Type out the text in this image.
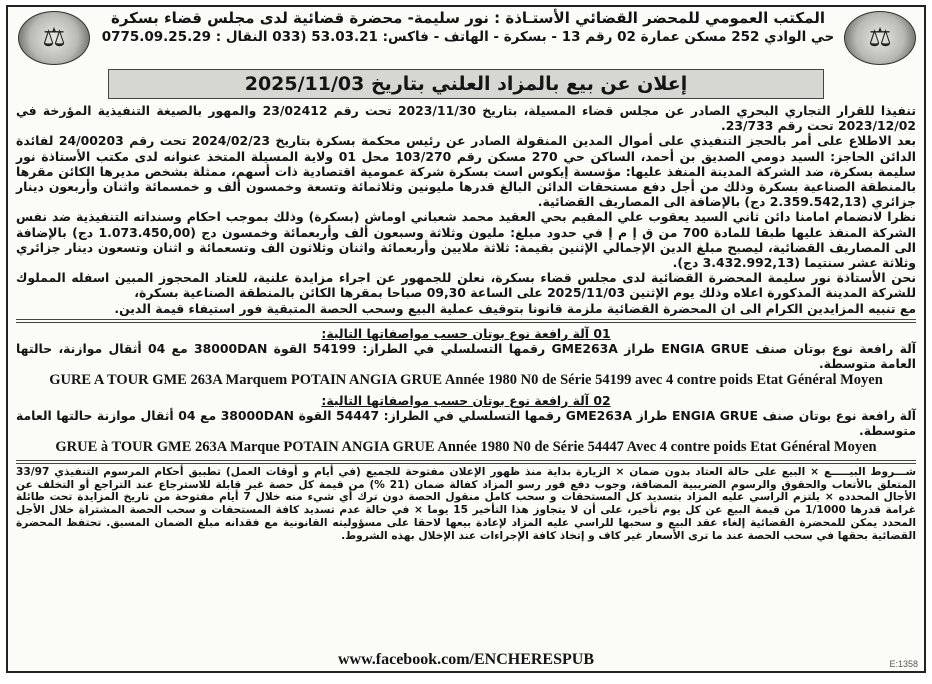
⚖
المكتب العمومي للمحضر القضائي الأستـاذة : نور سليمة- محضرة قضائية لدى مجلس قضاء بسكرة
حي الوادي 252 مسكن عمارة 02 رقم 13 - بسكرة - الهاتف - فاكس: 53.03.21 (033 النقال : 0775.09.25.29 ⚖
إعلان عن بيع بالمزاد العلني بتاريخ 2025/11/03

تنفيذا للقرار التجاري البحري الصادر عن مجلس قضاء المسيلة، بتاريخ 2023/11/30 تحت رقم 23/02412 والمهور بالصيغة التنفيذية المؤرخة في 2023/12/02 تحت رقم 23/733.

بعد الاطلاع على أمر بالحجز التنفيذي على أموال المدين المنقولة الصادر عن رئيس محكمة بسكرة بتاريخ 2024/02/23 تحت رقم 24/00203 لفائدة الدائن الحاجز: السيد دومي الصديق بن أحمد، الساكن حي 270 مسكن رقم 103/270 محل 01 ولاية المسيلة المتخذ عنوانه لدى مكتب الأستاذة نور سليمة بسكرة، ضد الشركة المدينة المنفذ عليها: مؤسسة إيكوس است بسكرة شركة عمومية اقتصادية ذات أسهم، ممثلة بشخص مديرها الكائن مقرها بالمنطقة الصناعية بسكرة وذلك من أجل دفع مستحقات الدائن البالغ قدرها مليونين وثلاثمائة وتسعة وخمسون ألف و خمسمائة واثنان وأربعون دينار جزائري (2.359.542,13 دج) بالإضافة الى المصاريف القضائية.

نظرا لانضمام امامنا دائن ثاني السيد يعقوب علي المقيم بحي العقيد محمد شعباني اوماش (بسكرة) وذلك بموجب احكام وسنداته التنفيذية ضد نفس الشركة المنفذ عليها طبقا للمادة 700 من ق إ م إ في حدود مبلغ: مليون وثلاثة وسبعون ألف وأربعمائة وخمسون دج (1.073.450,00 دج) بالإضافة الى المصاريف القضائية، ليصبح مبلغ الدين الإجمالي الإثنين بقيمة: ثلاثة ملايين وأربعمائة واثنان وثلاثون الف وتسعمائة و اثنان وتسعون دينار جزائري وثلاثة عشر سنتيما (3.432.992,13 دج).

نحن الأستاذة نور سليمة المحضرة القضائية لدى مجلس قضاء بسكرة، نعلن للجمهور عن اجراء مزايدة علنية، للعتاد المحجوز المبين اسفله المملوك للشركة المدينة المذكورة اعلاه وذلك يوم الإثنين 2025/11/03 على الساعة 09,30 صباحا بمقرها الكائن بالمنطقة الصناعية بسكرة،

مع تنبيه المزايدين الكرام الى ان المحضرة القضائية ملزمة قانونا بتوقيف عملية البيع وسحب الحصة المتبقية فور استيفاء قيمة الدين.

01 آلة رافعة نوع بوتان حسب مواصفاتها التالية:
آلة رافعة نوع بوتان صنف ENGIA GRUE طراز GME263A رقمها التسلسلي في الطراز: 54199 القوة 38000DAN مع 04 أثقال موازنة، حالتها العامة متوسطة.
GURE A TOUR GME 263A Marquem POTAIN ANGIA GRUE Année 1980 N0 de Série 54199 avec 4 contre poids Etat Général Moyen
02 آلة رافعة نوع بوتان حسب مواصفاتها التالية:
آلة رافعة نوع بوتان صنف ENGIA GRUE طراز GME263A رقمها التسلسلي في الطراز: 54447 القوة 38000DAN مع 04 أثقال موازنة حالتها العامة متوسطة.
GRUE à TOUR GME 263A Marque POTAIN ANGIA GRUE Année 1980 N0 de Série 54447 Avec 4 contre poids Etat Général Moyen
شـــروط البيـــــع × البيع على حالة العتاد بدون ضمان × الزيارة بداية منذ ظهور الإعلان مفتوحة للجميع (في أيام و أوقات العمل) تطبيق أحكام المرسوم التنفيذي 33/97 المتعلق بالأتعاب والحقوق والرسوم الضريبية المضافة، وجوب دفع فور رسو المزاد كفالة ضمان (21 %) من قيمة كل حصة غير قابلة للاسترجاع عند التراجع أو التخلف عن الأجال المحدده × يلتزم الراسي عليه المزاد بتسديد كل المستحقات و سحب كامل منقول الحصة دون ترك أي شيء منه خلال 7 أيام مفتوحة من تاريخ المزايدة تحت طائلة غرامة قدرها 1/1000 من قيمة البيع عن كل يوم تأخير، على أن لا يتجاوز هذا التأخير 15 يوما × في حالة عدم تسديد كافة المستحقات و سحب الحصة المشتراة خلال الأجل المحدد يمكن للمحضرة القضائية إلغاء عقد البيع و سحبها للراسي عليه المزاد لإعادة بيعها لاحقا على مسؤوليته القانونية مع فقدانه مبلغ الضمان المسبق. تحتفظ المحضرة القضائية بحقها في سحب الحصة عند ما ترى الأسعار غير كاف و إتخاذ كافة الإجراءات عند الإخلال بهذه الشروط.
www.facebook.com/ENCHERESPUB	E:1358
